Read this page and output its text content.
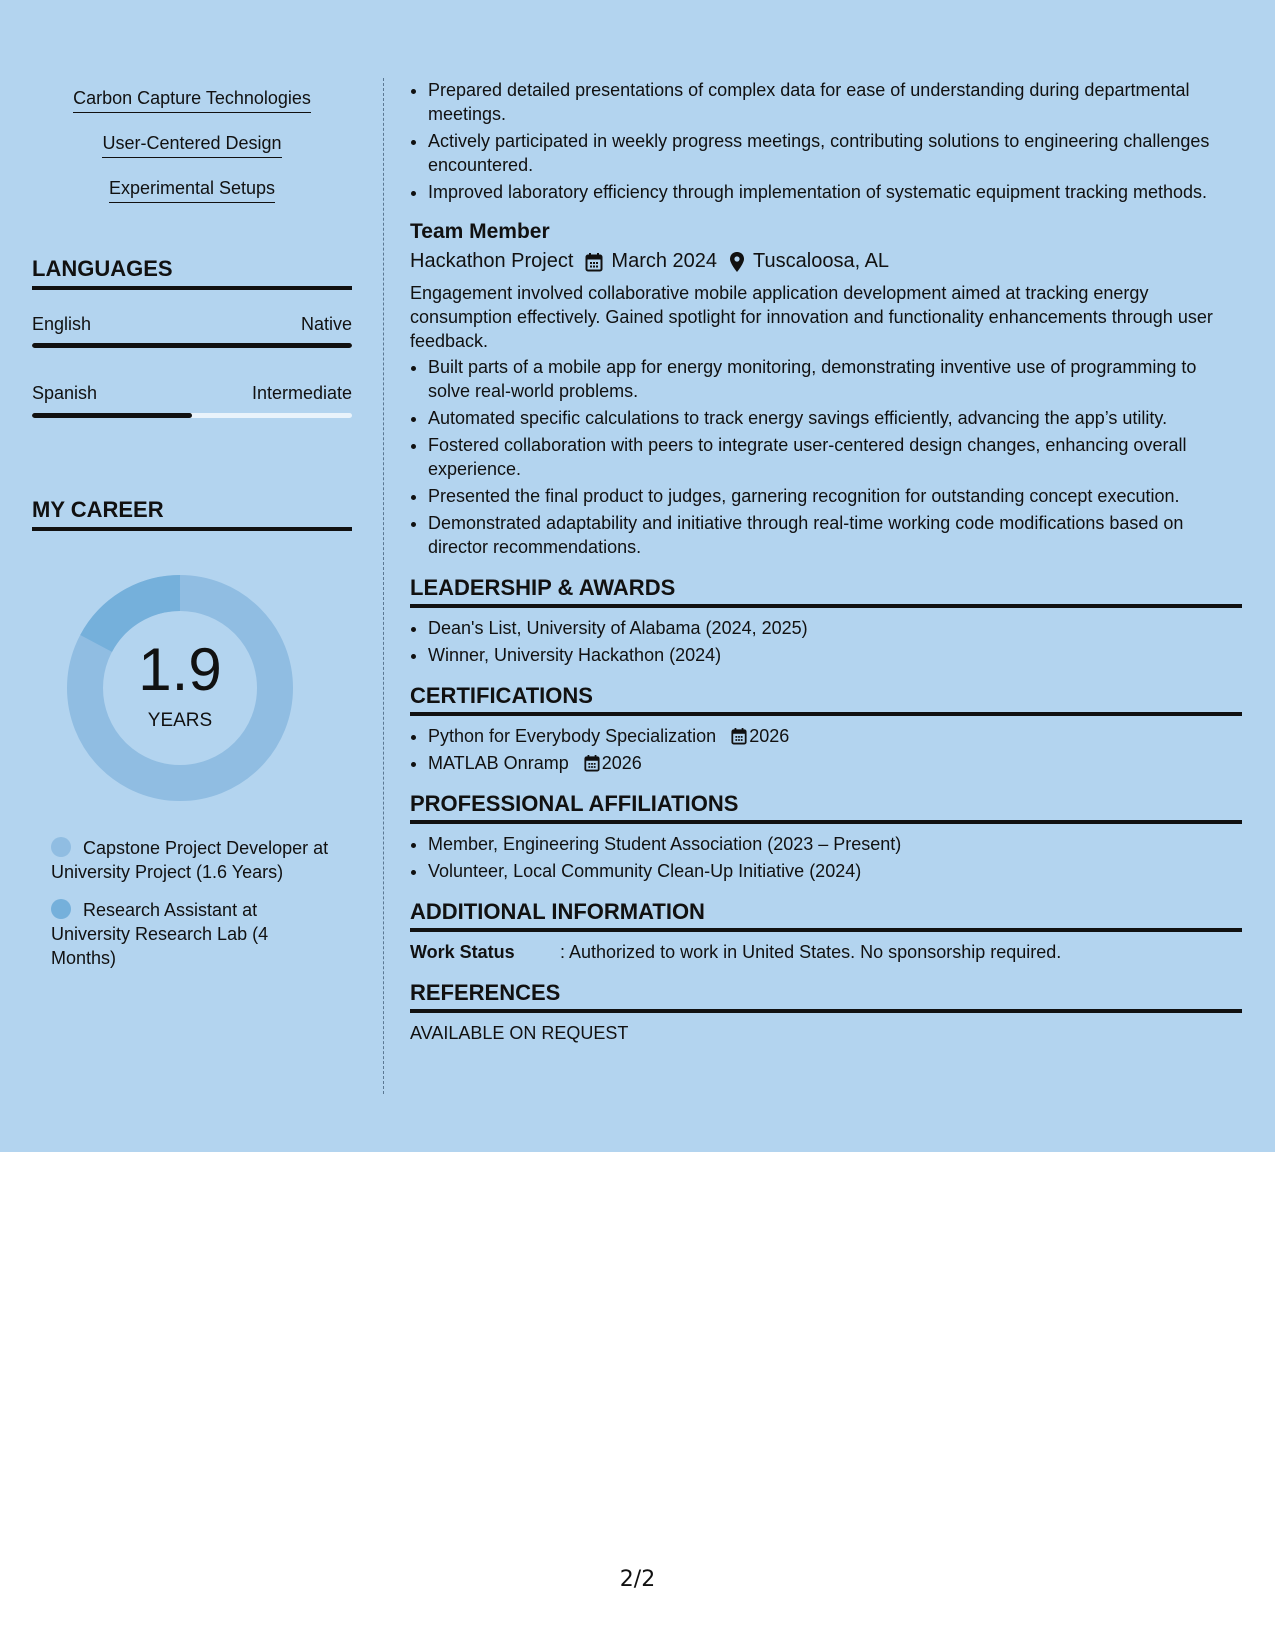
Carbon Capture Technologies
User-Centered Design
Experimental Setups
LANGUAGES
English	Native
Spanish	Intermediate
MY CAREER
1.9
YEARS
Capstone Project Developer at University Project (1.6 Years)
Research Assistant at University Research Lab (4 Months)
• Prepared detailed presentations of complex data for ease of understanding during departmental meetings.
• Actively participated in weekly progress meetings, contributing solutions to engineering challenges encountered.
• Improved laboratory efficiency through implementation of systematic equipment tracking methods.
Team Member
Hackathon Project March 2024 Tuscaloosa, AL
Engagement involved collaborative mobile application development aimed at tracking energy consumption effectively. Gained spotlight for innovation and functionality enhancements through user feedback.
• Built parts of a mobile app for energy monitoring, demonstrating inventive use of programming to solve real-world problems.
• Automated specific calculations to track energy savings efficiently, advancing the app’s utility.
• Fostered collaboration with peers to integrate user-centered design changes, enhancing overall experience.
• Presented the final product to judges, garnering recognition for outstanding concept execution.
• Demonstrated adaptability and initiative through real-time working code modifications based on director recommendations.
LEADERSHIP & AWARDS
• Dean's List, University of Alabama (2024, 2025)
• Winner, University Hackathon (2024)
CERTIFICATIONS
• Python for Everybody Specialization 2026
• MATLAB Onramp 2026
PROFESSIONAL AFFILIATIONS
• Member, Engineering Student Association (2023 – Present)
• Volunteer, Local Community Clean-Up Initiative (2024)
ADDITIONAL INFORMATION
Work Status	: Authorized to work in United States. No sponsorship required.
REFERENCES
AVAILABLE ON REQUEST
2/2
